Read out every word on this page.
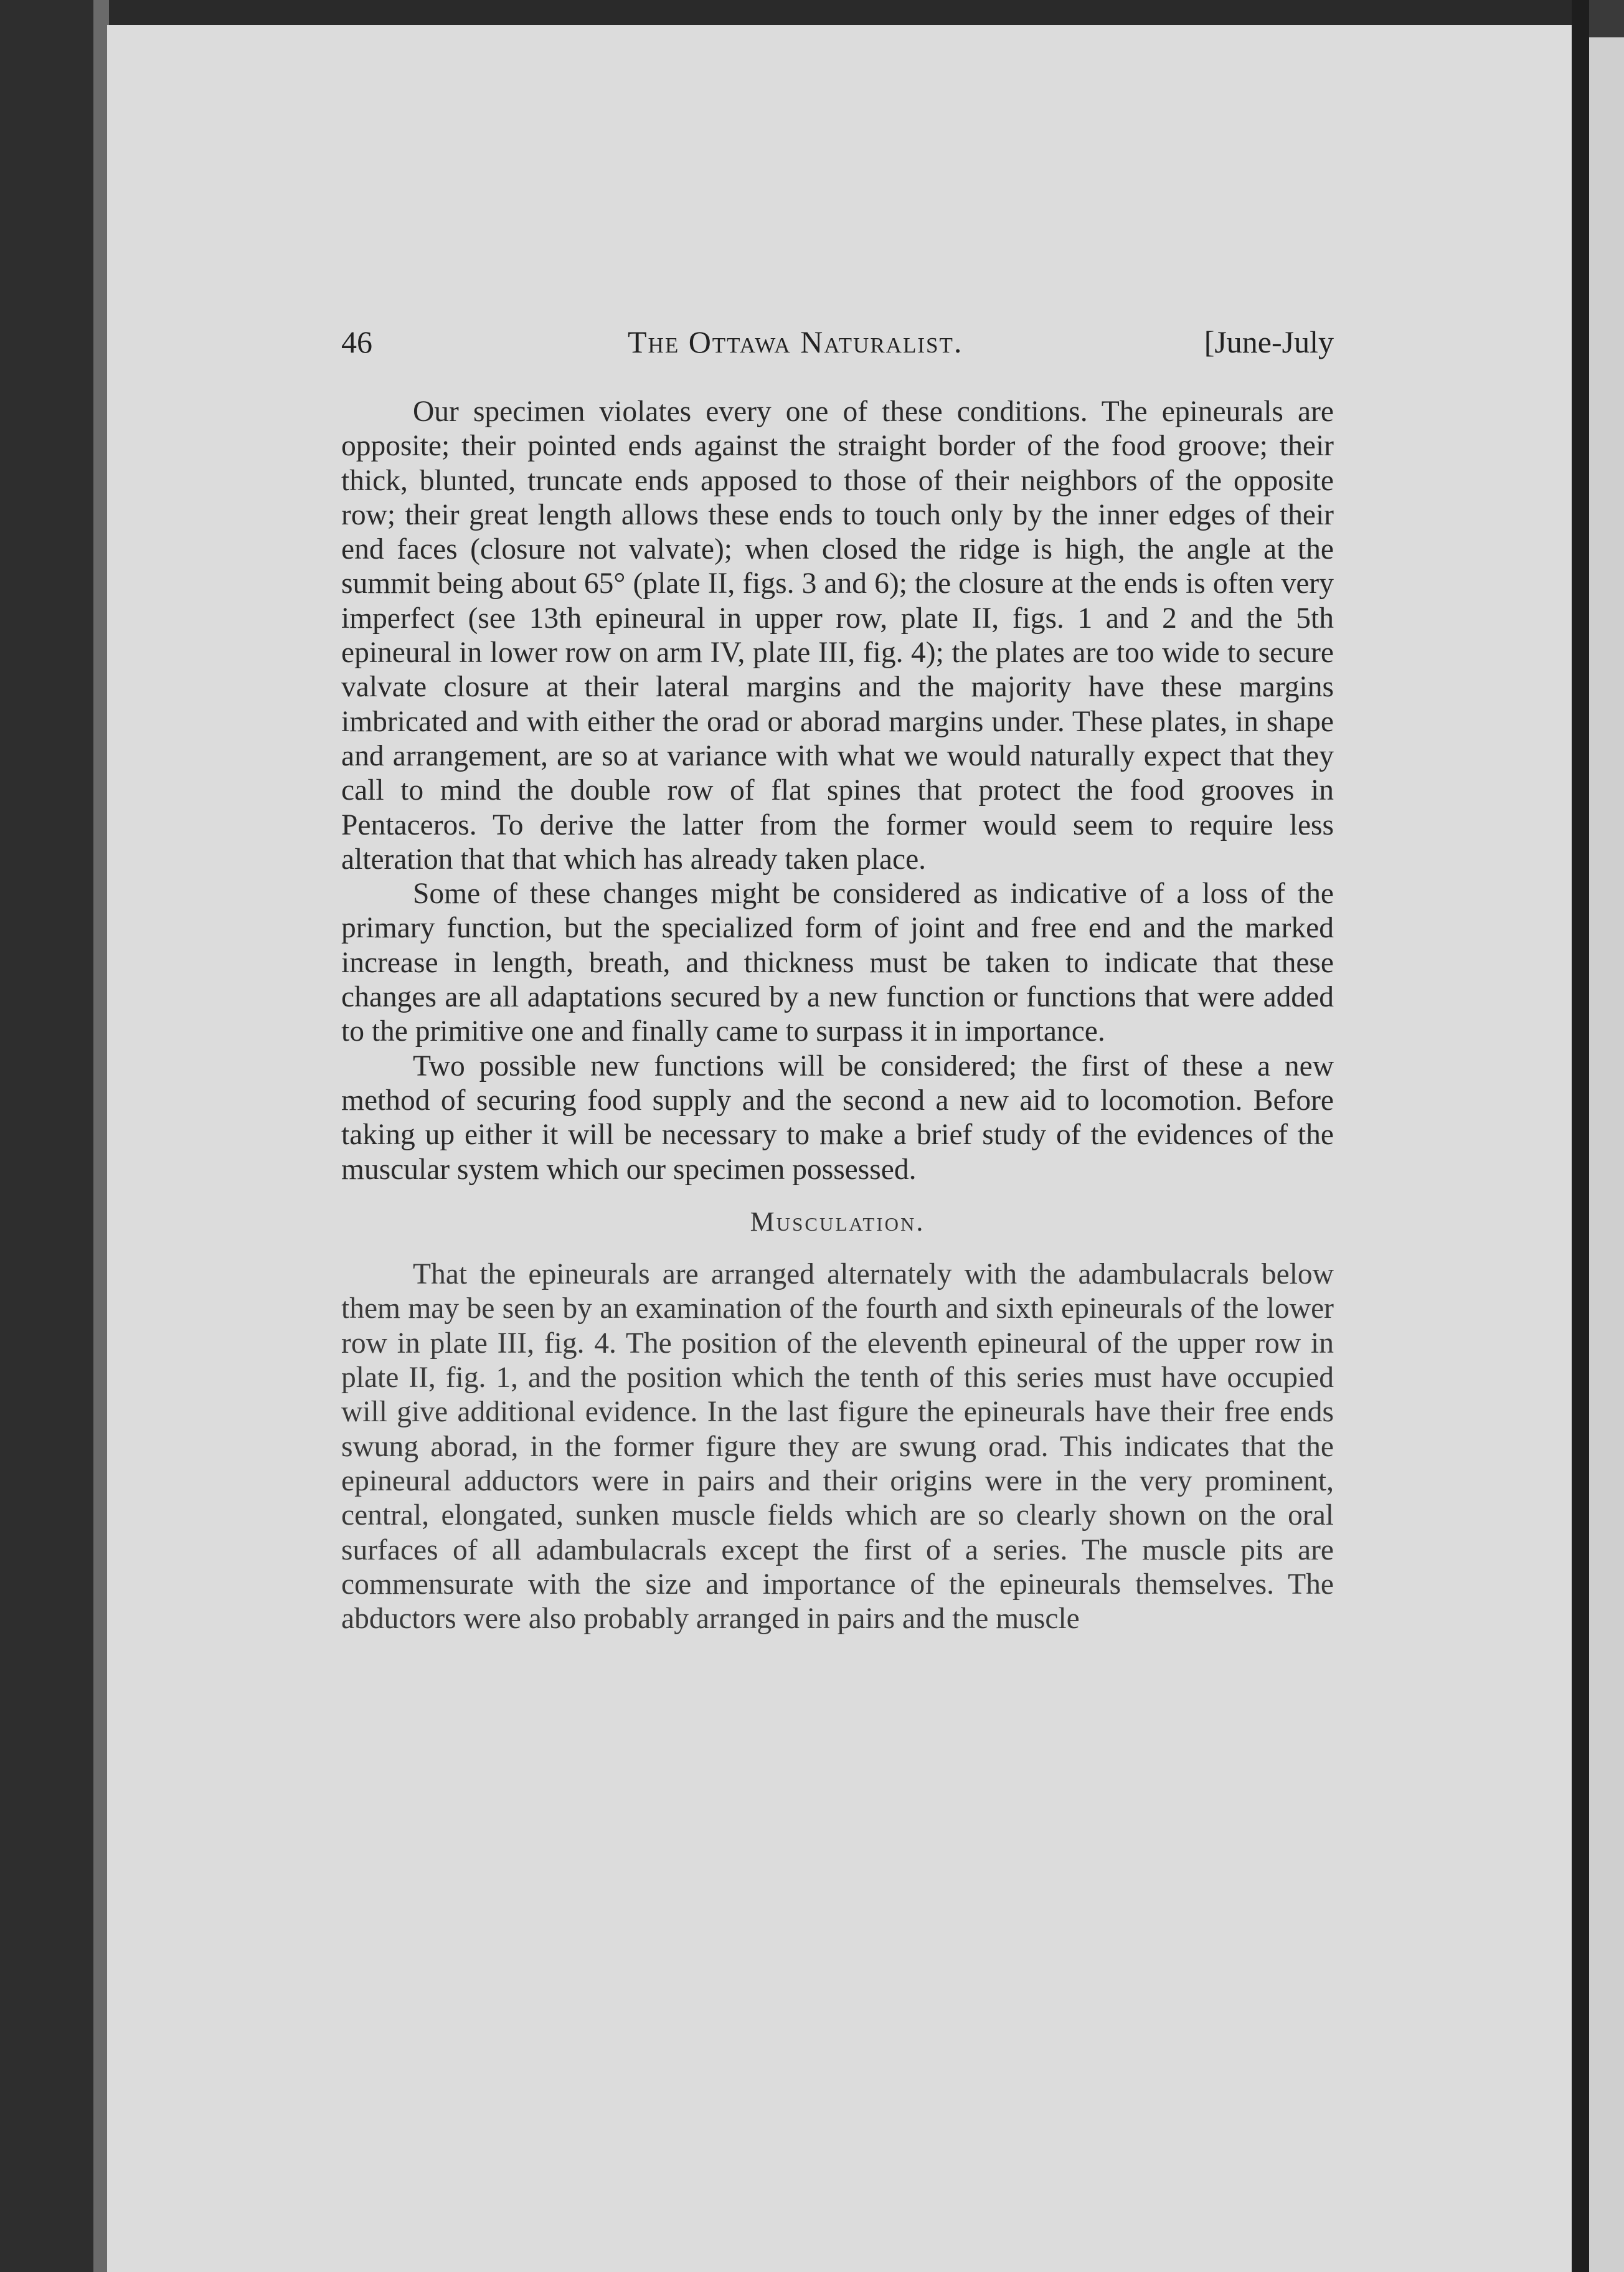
46	The Ottawa Naturalist.	[June-July

Our specimen violates every one of these conditions. The epineurals are opposite; their pointed ends against the straight border of the food groove; their thick, blunted, truncate ends apposed to those of their neighbors of the opposite row; their great length allows these ends to touch only by the inner edges of their end faces (closure not valvate); when closed the ridge is high, the angle at the summit being about 65° (plate II, figs. 3 and 6); the closure at the ends is often very imperfect (see 13th epineural in upper row, plate II, figs. 1 and 2 and the 5th epineural in lower row on arm IV, plate III, fig. 4); the plates are too wide to secure valvate closure at their lateral margins and the majority have these margins imbricated and with either the orad or aborad margins under. These plates, in shape and arrangement, are so at variance with what we would naturally expect that they call to mind the double row of flat spines that protect the food grooves in Pentaceros. To derive the latter from the former would seem to require less alteration that that which has already taken place.

Some of these changes might be considered as indicative of a loss of the primary function, but the specialized form of joint and free end and the marked increase in length, breath, and thickness must be taken to indicate that these changes are all adaptations secured by a new function or functions that were added to the primitive one and finally came to surpass it in importance.

Two possible new functions will be considered; the first of these a new method of securing food supply and the second a new aid to locomotion. Before taking up either it will be necessary to make a brief study of the evidences of the muscular system which our specimen possessed.

Musculation.

That the epineurals are arranged alternately with the adambulacrals below them may be seen by an examination of the fourth and sixth epineurals of the lower row in plate III, fig. 4. The position of the eleventh epineural of the upper row in plate II, fig. 1, and the position which the tenth of this series must have occupied will give additional evidence. In the last figure the epineurals have their free ends swung aborad, in the former figure they are swung orad. This indicates that the epineural adductors were in pairs and their origins were in the very prominent, central, elongated, sunken muscle fields which are so clearly shown on the oral surfaces of all adambulacrals except the first of a series. The muscle pits are commensurate with the size and importance of the epineurals themselves. The abductors were also probably arranged in pairs and the muscle
